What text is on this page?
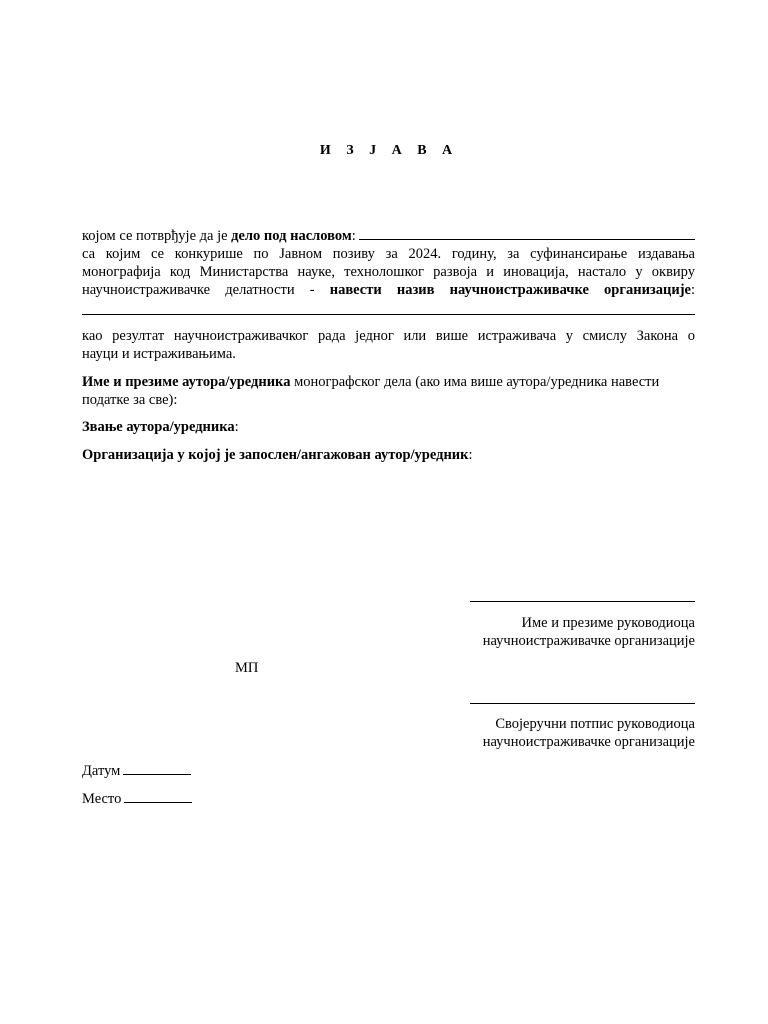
И З Ј А В А
којом се потврђује да је дело под насловом :
са којим се конкурише по Јавном позиву за 2024. годину, за суфинансирање издавања
монографија код Министарства науке, технолошког развоја и иновација, настало у оквиру
научноистраживачке делатности - навести назив научноистраживачке организације:
као резултат научноистраживачког рада једног или више истраживача у смислу Закона о
науци и истраживањима.
Име и презиме аутора/уредника монографског дела (ако има више аутора/уредника навести
податке за све):
Звање аутора/уредника:
Организација у којој је запослен/ангажован аутор/уредник:
Име и презиме руководиоца
научноистраживачке организације
МП
Својеручни потпис руководиоца
научноистраживачке организације
Датум
Место
